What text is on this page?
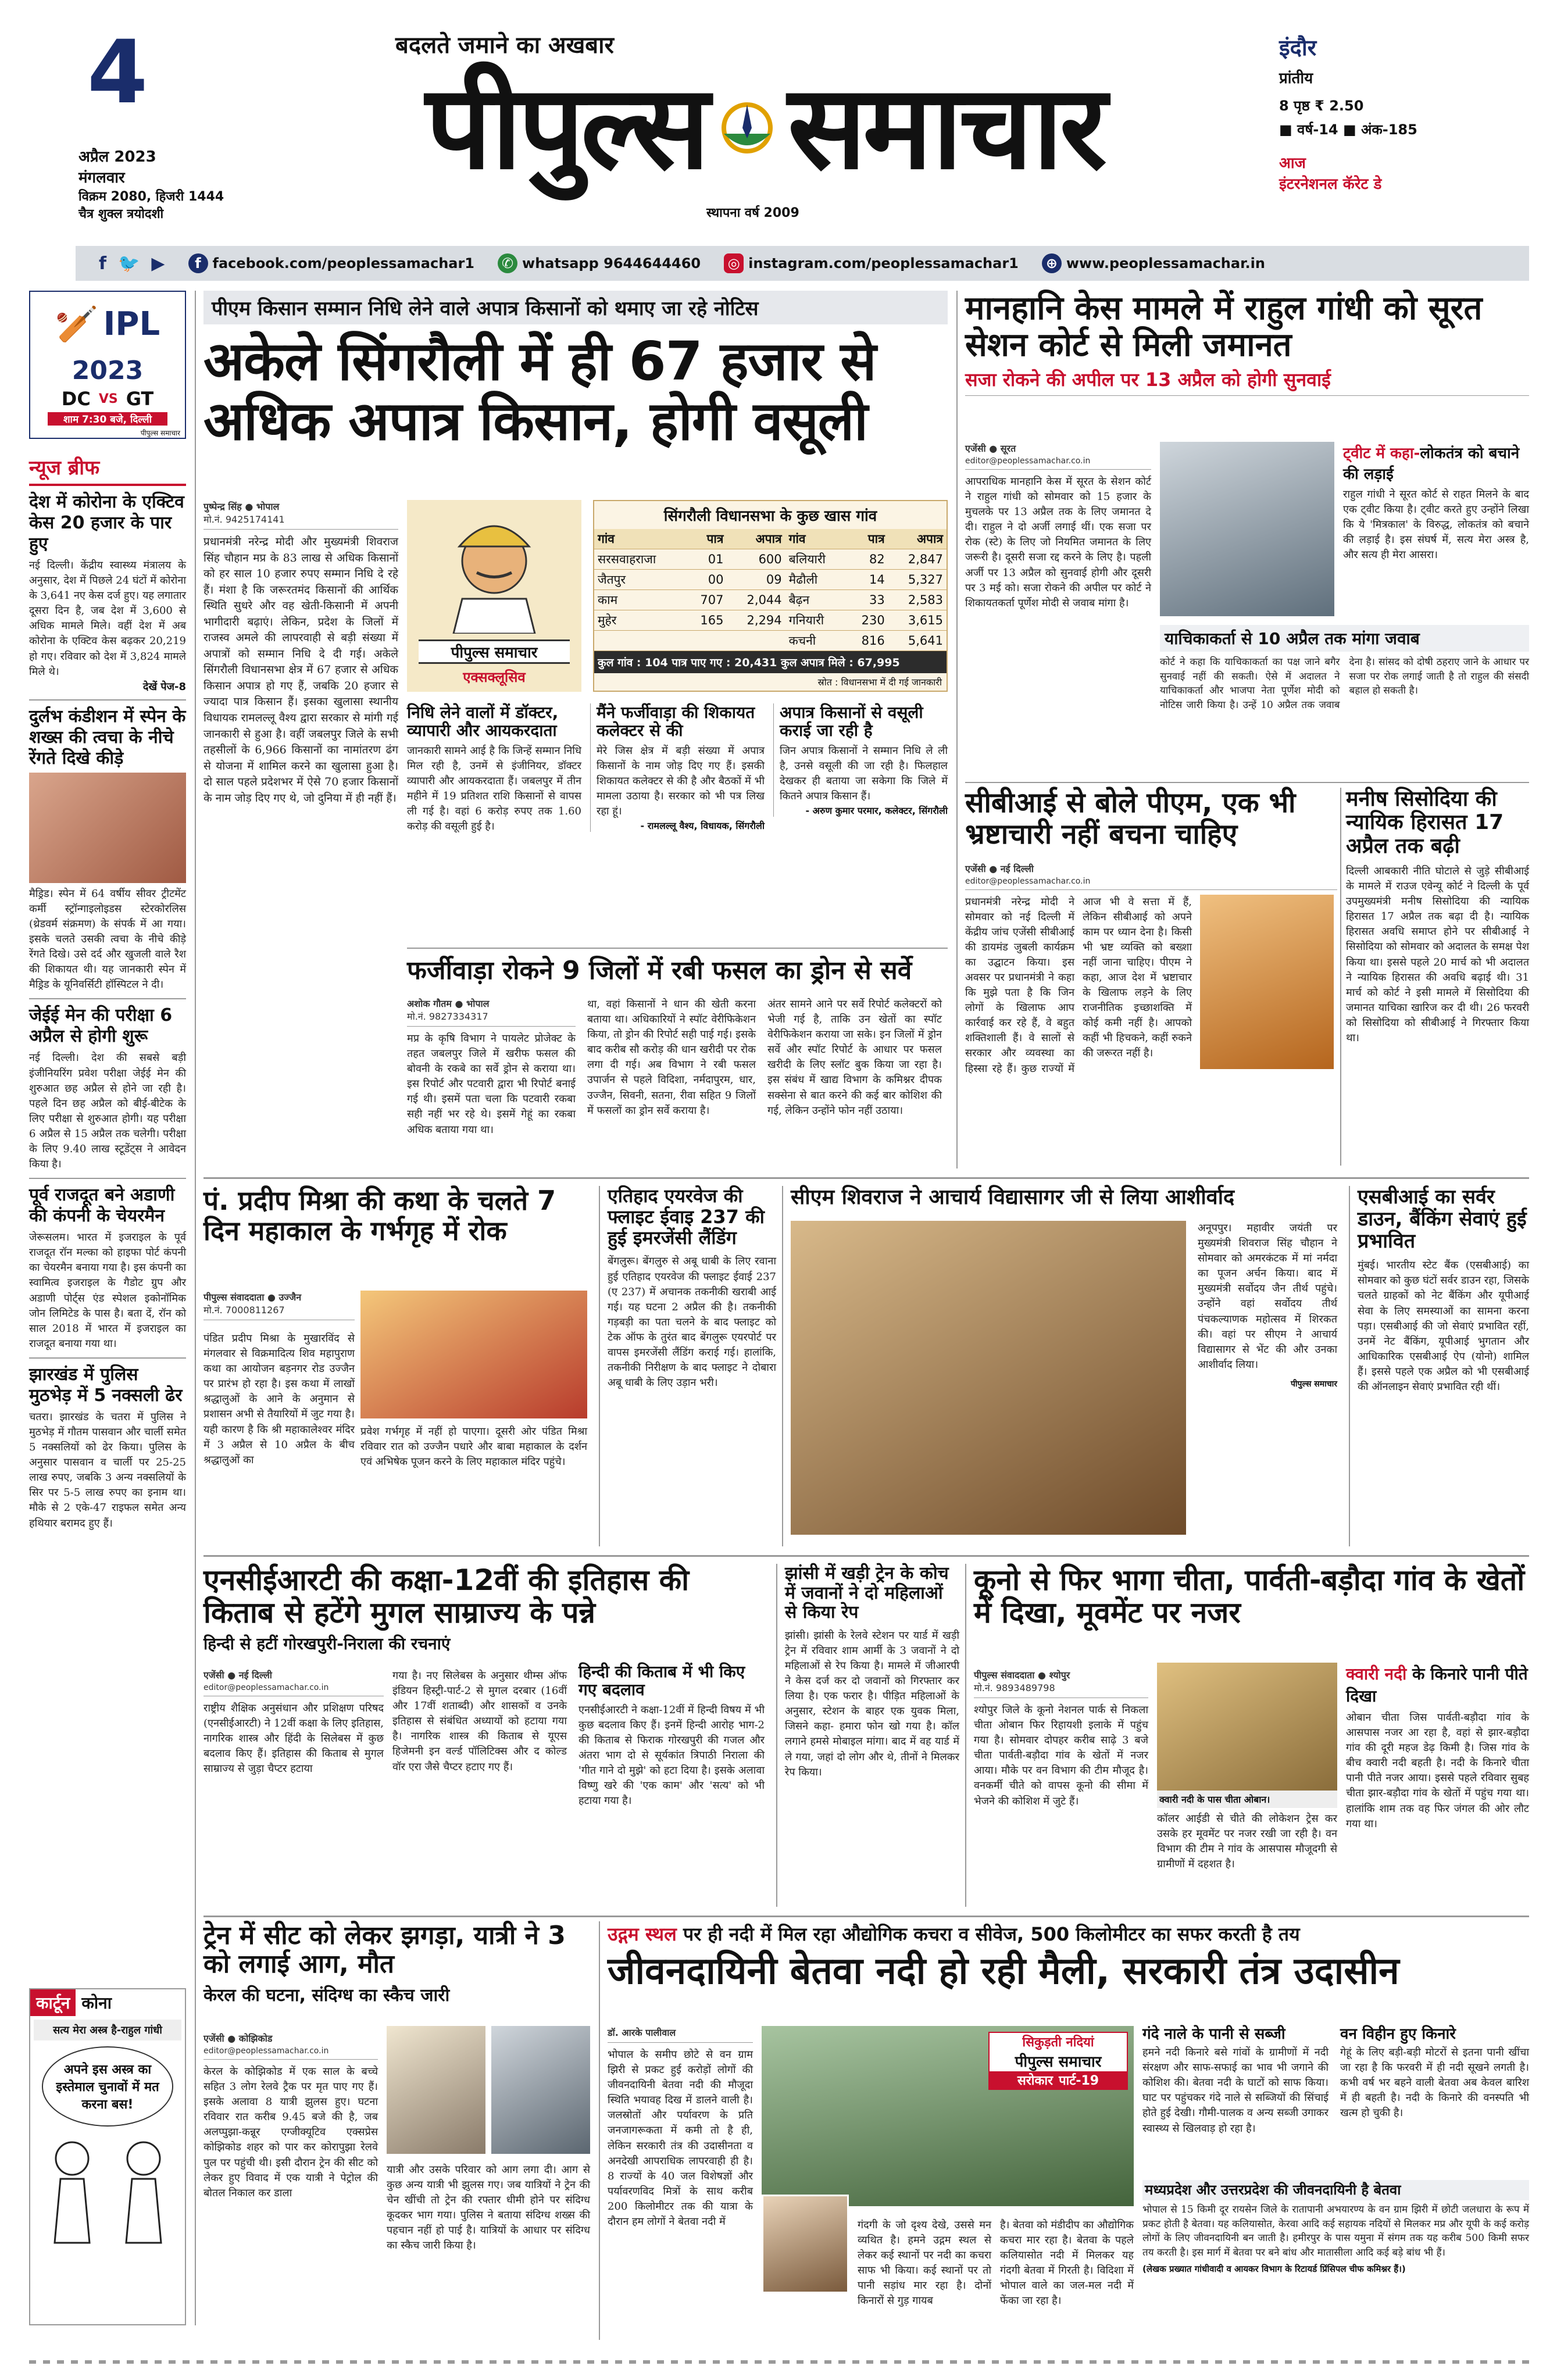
4
अप्रैल 2023
मंगलवार
विक्रम 2080, हिजरी 1444
चैत्र शुक्ल त्रयोदशी
बदलते जमाने का अखबार
पीपुल्स समाचार
स्थापना वर्ष 2009
इंदौर
प्रांतीय
8 पृष्ठ ₹ 2.50
■ वर्ष-14 ■ अंक-185
आज
इंटरनेशनल कॅरेट डे
f 🐦 ▶	f facebook.com/peoplessamachar1 ✆ whatsapp 9644644460 ◎ instagram.com/peoplessamachar1 ⊕ www.peoplessamachar.in
🏏 IPL
2023
DC VS GT
शाम 7:30 बजे, दिल्ली
पीपुल्स समाचार
न्यूज ब्रीफ
देश में कोरोना के एक्टिव केस 20 हजार के पार हुए

नई दिल्ली। केंद्रीय स्वास्थ्य मंत्रालय के अनुसार, देश में पिछले 24 घंटों में कोरोना के 3,641 नए केस दर्ज हुए। यह लगातार दूसरा दिन है, जब देश में 3,600 से अधिक मामले मिले। वहीं देश में अब कोरोना के एक्टिव केस बढ़कर 20,219 हो गए। रविवार को देश में 3,824 मामले मिले थे।

देखें पेज-8

दुर्लभ कंडीशन में स्पेन के शख्स की त्वचा के नीचे रेंगते दिखे कीड़े

मैड्रिड। स्पेन में 64 वर्षीय सीवर ट्रीटमेंट कर्मी स्ट्रॉन्गाइलोइडस स्टेरकोरलिस (थ्रेडवर्म संक्रमण) के संपर्क में आ गया। इसके चलते उसकी त्वचा के नीचे कीड़े रेंगते दिखे। उसे दर्द और खुजली वाले रैश की शिकायत थी। यह जानकारी स्पेन में मैड्रिड के यूनिवर्सिटी हॉस्पिटल ने दी।

जेईई मेन की परीक्षा 6 अप्रैल से होगी शुरू

नई दिल्ली। देश की सबसे बड़ी इंजीनियरिंग प्रवेश परीक्षा जेईई मेन की शुरुआत छह अप्रैल से होने जा रही है। पहले दिन छह अप्रैल को बीई-बीटेक के लिए परीक्षा से शुरुआत होगी। यह परीक्षा 6 अप्रैल से 15 अप्रैल तक चलेगी। परीक्षा के लिए 9.40 लाख स्टूडेंट्स ने आवेदन किया है।

पूर्व राजदूत बने अडाणी की कंपनी के चेयरमैन

जेरूसलम। भारत में इजराइल के पूर्व राजदूत रॉन मल्का को हाइफा पोर्ट कंपनी का चेयरमैन बनाया गया है। इस कंपनी का स्वामित्व इजराइल के गैडोट ग्रुप और अडाणी पोर्ट्स एंड स्पेशल इकोनॉमिक जोन लिमिटेड के पास है। बता दें, रॉन को साल 2018 में भारत में इजराइल का राजदूत बनाया गया था।

झारखंड में पुलिस मुठभेड़ में 5 नक्सली ढेर

चतरा। झारखंड के चतरा में पुलिस ने मुठभेड़ में गौतम पासवान और चार्ली समेत 5 नक्सलियों को ढेर किया। पुलिस के अनुसार पासवान व चार्ली पर 25-25 लाख रुपए, जबकि 3 अन्य नक्सलियों के सिर पर 5-5 लाख रुपए का इनाम था। मौके से 2 एके-47 राइफल समेत अन्य हथियार बरामद हुए हैं।

कार्टून कोना
सत्य मेरा अस्त्र है-राहुल गांधी
अपने इस अस्त्र का इस्तेमाल चुनावों में मत करना बस!
पीएम किसान सम्मान निधि लेने वाले अपात्र किसानों को थमाए जा रहे नोटिस
अकेले सिंगरौली में ही 67 हजार से अधिक अपात्र किसान, होगी वसूली
पुष्पेन्द्र सिंह ● भोपाल
मो.नं. 9425174141

प्रधानमंत्री नरेन्द्र मोदी और मुख्यमंत्री शिवराज सिंह चौहान मप्र के 83 लाख से अधिक किसानों को हर साल 10 हजार रुपए सम्मान निधि दे रहे हैं। मंशा है कि जरूरतमंद किसानों की आर्थिक स्थिति सुधरे और वह खेती-किसानी में अपनी भागीदारी बढ़ाएं। लेकिन, प्रदेश के जिलों में राजस्व अमले की लापरवाही से बड़ी संख्या में अपात्रों को सम्मान निधि दे दी गई। अकेले सिंगरौली विधानसभा क्षेत्र में 67 हजार से अधिक किसान अपात्र हो गए हैं, जबकि 20 हजार से ज्यादा पात्र किसान हैं। इसका खुलासा स्थानीय विधायक रामलल्लू वैश्य द्वारा सरकार से मांगी गई जानकारी से हुआ है। वहीं जबलपुर जिले के सभी तहसीलों के 6,966 किसानों का नामांतरण ढंग से योजना में शामिल करने का खुलासा हुआ है। दो साल पहले प्रदेशभर में ऐसे 70 हजार किसानों के नाम जोड़ दिए गए थे, जो दुनिया में ही नहीं हैं।

पीपुल्स समाचार
एक्सक्लूसिव
सिंगरौली विधानसभा के कुछ खास गांव
गांव	पात्र	अपात्र	गांव	पात्र	अपात्र
सरसवाहराजा	01	600	बलियारी	82	2,847
जैतपुर	00	09	मैढौली	14	5,327
काम	707	2,044	बैढ़न	33	2,583
मुहेर	165	2,294	गनियारी	230	3,615
			कचनी	816	5,641
कुल गांव : 104 पात्र पाए गए : 20,431 कुल अपात्र मिले : 67,995
स्रोत : विधानसभा में दी गई जानकारी
निधि लेने वालों में डॉक्टर, व्यापारी और आयकरदाता

जानकारी सामने आई है कि जिन्हें सम्मान निधि मिल रही है, उनमें से इंजीनियर, डॉक्टर व्यापारी और आयकरदाता हैं। जबलपुर में तीन महीने में 19 प्रतिशत राशि किसानों से वापस ली गई है। वहां 6 करोड़ रुपए तक 1.60 करोड़ की वसूली हुई है।

मैंने फर्जीवाड़ा की शिकायत कलेक्टर से की

मेरे जिस क्षेत्र में बड़ी संख्या में अपात्र किसानों के नाम जोड़ दिए गए हैं। इसकी शिकायत कलेक्टर से की है और बैठकों में भी मामला उठाया है। सरकार को भी पत्र लिख रहा हूं।

- रामलल्लू वैश्य, विधायक, सिंगरौली

अपात्र किसानों से वसूली कराई जा रही है

जिन अपात्र किसानों ने सम्मान निधि ले ली है, उनसे वसूली की जा रही है। फिलहाल देखकर ही बताया जा सकेगा कि जिले में कितने अपात्र किसान हैं।

- अरुण कुमार परमार, कलेक्टर, सिंगरौली

फर्जीवाड़ा रोकने 9 जिलों में रबी फसल का ड्रोन से सर्वे
अशोक गौतम ● भोपाल
मो.नं. 9827334317

मप्र के कृषि विभाग ने पायलेट प्रोजेक्ट के तहत जबलपुर जिले में खरीफ फसल की बोवनी के रकबे का सर्वे ड्रोन से कराया था। इस रिपोर्ट और पटवारी द्वारा भी रिपोर्ट बनाई गई थी। इसमें पता चला कि पटवारी रकबा सही नहीं भर रहे थे। इसमें गेहूं का रकबा अधिक बताया गया था।

था, वहां किसानों ने धान की खेती करना बताया था। अधिकारियों ने स्पॉट वेरीफिकेशन किया, तो ड्रोन की रिपोर्ट सही पाई गई। इसके बाद करीब सौ करोड़ की धान खरीदी पर रोक लगा दी गई। अब विभाग ने रबी फसल उपार्जन से पहले विदिशा, नर्मदापुरम, धार, उज्जैन, सिवनी, सतना, रीवा सहित 9 जिलों में फसलों का ड्रोन सर्वे कराया है।

अंतर सामने आने पर सर्वे रिपोर्ट कलेक्टरों को भेजी गई है, ताकि उन खेतों का स्पॉट वेरीफिकेशन कराया जा सके। इन जिलों में ड्रोन सर्वे और स्पॉट रिपोर्ट के आधार पर फसल खरीदी के लिए स्लॉट बुक किया जा रहा है। इस संबंध में खाद्य विभाग के कमिश्नर दीपक सक्सेना से बात करने की कई बार कोशिश की गई, लेकिन उन्होंने फोन नहीं उठाया।

मानहानि केस मामले में राहुल गांधी को सूरत सेशन कोर्ट से मिली जमानत
सजा रोकने की अपील पर 13 अप्रैल को होगी सुनवाई
एजेंसी ● सूरत
editor@peoplessamachar.co.in

आपराधिक मानहानि केस में सूरत के सेशन कोर्ट ने राहुल गांधी को सोमवार को 15 हजार के मुचलके पर 13 अप्रैल तक के लिए जमानत दे दी। राहुल ने दो अर्जी लगाई थीं। एक सजा पर रोक (स्टे) के लिए जो नियमित जमानत के लिए जरूरी है। दूसरी सजा रद्द करने के लिए है। पहली अर्जी पर 13 अप्रैल को सुनवाई होगी और दूसरी पर 3 मई को। सजा रोकने की अपील पर कोर्ट ने शिकायतकर्ता पूर्णेश मोदी से जवाब मांगा है।

ट्वीट में कहा-लोकतंत्र को बचाने की लड़ाई

राहुल गांधी ने सूरत कोर्ट से राहत मिलने के बाद एक ट्वीट किया है। ट्वीट करते हुए उन्होंने लिखा कि ये 'मित्रकाल' के विरुद्ध, लोकतंत्र को बचाने की लड़ाई है। इस संघर्ष में, सत्य मेरा अस्त्र है, और सत्य ही मेरा आसरा।

याचिकाकर्ता से 10 अप्रैल तक मांगा जवाब

कोर्ट ने कहा कि याचिकाकर्ता का पक्ष जाने बगैर सुनवाई नहीं की सकती। ऐसे में अदालत ने याचिकाकर्ता और भाजपा नेता पूर्णेश मोदी को नोटिस जारी किया है। उन्हें 10 अप्रैल तक जवाब देना है। सांसद को दोषी ठहराए जाने के आधार पर सजा पर रोक लगाई जाती है तो राहुल की संसदी बहाल हो सकती है।

सीबीआई से बोले पीएम, एक भी भ्रष्टाचारी नहीं बचना चाहिए
एजेंसी ● नई दिल्ली
editor@peoplessamachar.co.in

प्रधानमंत्री नरेन्द्र मोदी ने सोमवार को नई दिल्ली में केंद्रीय जांच एजेंसी सीबीआई की डायमंड जुबली कार्यक्रम का उद्घाटन किया। इस अवसर पर प्रधानमंत्री ने कहा कि मुझे पता है कि जिन लोगों के खिलाफ आप कार्रवाई कर रहे हैं, वे बहुत शक्तिशाली हैं। वे सालों से सरकार और व्यवस्था का हिस्सा रहे हैं। कुछ राज्यों में आज भी वे सत्ता में हैं, लेकिन सीबीआई को अपने काम पर ध्यान देना है। किसी भी भ्रष्ट व्यक्ति को बख्शा नहीं जाना चाहिए। पीएम ने कहा, आज देश में भ्रष्टाचार के खिलाफ लड़ने के लिए राजनीतिक इच्छाशक्ति में कोई कमी नहीं है। आपको कहीं भी हिचकने, कहीं रुकने की जरूरत नहीं है।

मनीष सिसोदिया की न्यायिक हिरासत 17 अप्रैल तक बढ़ी

दिल्ली आबकारी नीति घोटाले से जुड़े सीबीआई के मामले में राउज एवेन्यू कोर्ट ने दिल्ली के पूर्व उपमुख्यमंत्री मनीष सिसोदिया की न्यायिक हिरासत 17 अप्रैल तक बढ़ा दी है। न्यायिक हिरासत अवधि समाप्त होने पर सीबीआई ने सिसोदिया को सोमवार को अदालत के समक्ष पेश किया था। इससे पहले 20 मार्च को भी अदालत ने न्यायिक हिरासत की अवधि बढ़ाई थी। 31 मार्च को कोर्ट ने इसी मामले में सिसोदिया की जमानत याचिका खारिज कर दी थी। 26 फरवरी को सिसोदिया को सीबीआई ने गिरफ्तार किया था।

पं. प्रदीप मिश्रा की कथा के चलते 7 दिन महाकाल के गर्भगृह में रोक
पीपुल्स संवाददाता ● उज्जैन
मो.नं. 7000811267

पंडित प्रदीप मिश्रा के मुखारविंद से मंगलवार से विक्रमादित्य शिव महापुराण कथा का आयोजन बड़नगर रोड उज्जैन पर प्रारंभ हो रहा है। इस कथा में लाखों श्रद्धालुओं के आने के अनुमान से प्रशासन अभी से तैयारियों में जुट गया है। यही कारण है कि श्री महाकालेश्वर मंदिर में 3 अप्रैल से 10 अप्रैल के बीच श्रद्धालुओं का

प्रवेश गर्भगृह में नहीं हो पाएगा। दूसरी ओर पंडित मिश्रा रविवार रात को उज्जैन पधारे और बाबा महाकाल के दर्शन एवं अभिषेक पूजन करने के लिए महाकाल मंदिर पहुंचे।

एतिहाद एयरवेज की फ्लाइट ईवाइ 237 की हुई इमरजेंसी लैंडिंग

बेंगलुरू। बेंगलुरु से अबू धाबी के लिए रवाना हुई एतिहाद एयरवेज की फ्लाइट ईवाई 237 (ए 237) में अचानक तकनीकी खराबी आई गई। यह घटना 2 अप्रैल की है। तकनीकी गड़बड़ी का पता चलने के बाद फ्लाइट को टेक ऑफ के तुरंत बाद बेंगलुरू एयरपोर्ट पर वापस इमरजेंसी लैंडिंग कराई गई। हालांकि, तकनीकी निरीक्षण के बाद फ्लाइट ने दोबारा अबू धाबी के लिए उड़ान भरी।

सीएम शिवराज ने आचार्य विद्यासागर जी से लिया आशीर्वाद

अनूपपुर। महावीर जयंती पर मुख्यमंत्री शिवराज सिंह चौहान ने सोमवार को अमरकंटक में मां नर्मदा का पूजन अर्चन किया। बाद में मुख्यमंत्री सर्वोदय जैन तीर्थ पहुंचे। उन्होंने वहां सर्वोदय तीर्थ पंचकल्याणक महोत्सव में शिरकत की। वहां पर सीएम ने आचार्य विद्यासागर से भेंट की और उनका आशीर्वाद लिया।

पीपुल्स समाचार

एसबीआई का सर्वर डाउन, बैंकिंग सेवाएं हुई प्रभावित

मुंबई। भारतीय स्टेट बैंक (एसबीआई) का सोमवार को कुछ घंटों सर्वर डाउन रहा, जिसके चलते ग्राहकों को नेट बैंकिंग और यूपीआई सेवा के लिए समस्याओं का सामना करना पड़ा। एसबीआई की जो सेवाएं प्रभावित रहीं, उनमें नेट बैंकिंग, यूपीआई भुगतान और आधिकारिक एसबीआई ऐप (योनो) शामिल हैं। इससे पहले एक अप्रैल को भी एसबीआई की ऑनलाइन सेवाएं प्रभावित रही थीं।

एनसीईआरटी की कक्षा-12वीं की इतिहास की किताब से हटेंगे मुगल साम्राज्य के पन्ने
हिन्दी से हटीं गोरखपुरी-निराला की रचनाएं
एजेंसी ● नई दिल्ली
editor@peoplessamachar.co.in

राष्ट्रीय शैक्षिक अनुसंधान और प्रशिक्षण परिषद (एनसीईआरटी) ने 12वीं कक्षा के लिए इतिहास, नागरिक शास्त्र और हिंदी के सिलेबस में कुछ बदलाव किए हैं। इतिहास की किताब से मुगल साम्राज्य से जुड़ा चैप्टर हटाया

गया है। नए सिलेबस के अनुसार थीम्स ऑफ इंडियन हिस्ट्री-पार्ट-2 से मुगल दरबार (16वीं और 17वीं शताब्दी) और शासकों व उनके इतिहास से संबंधित अध्यायों को हटाया गया है। नागरिक शास्त्र की किताब से यूएस हिजेमनी इन वर्ल्ड पॉलिटिक्स और द कोल्ड वॉर एरा जैसे चैप्टर हटाए गए हैं।

हिन्दी की किताब में भी किए गए बदलाव

एनसीईआरटी ने कक्षा-12वीं में हिन्दी विषय में भी कुछ बदलाव किए हैं। इनमें हिन्दी आरोह भाग-2 की किताब से फिराक गोरखपुरी की गजल और अंतरा भाग दो से सूर्यकांत त्रिपाठी निराला की 'गीत गाने दो मुझे' को हटा दिया है। इसके अलावा विष्णु खरे की 'एक काम' और 'सत्य' को भी हटाया गया है।

झांसी में खड़ी ट्रेन के कोच में जवानों ने दो महिलाओं से किया रेप

झांसी। झांसी के रेलवे स्टेशन पर यार्ड में खड़ी ट्रेन में रविवार शाम आर्मी के 3 जवानों ने दो महिलाओं से रेप किया है। मामले में जीआरपी ने केस दर्ज कर दो जवानों को गिरफ्तार कर लिया है। एक फरार है। पीड़ित महिलाओं के अनुसार, स्टेशन के बाहर एक युवक मिला, जिसने कहा- हमारा फोन खो गया है। कॉल लगाने हमसे मोबाइल मांगा। बाद में वह यार्ड में ले गया, जहां दो लोग और थे, तीनों ने मिलकर रेप किया।

कूनो से फिर भागा चीता, पार्वती-बड़ौदा गांव के खेतों में दिखा, मूवमेंट पर नजर
पीपुल्स संवाददाता ● श्योपुर
मो.नं. 9893489798

श्योपुर जिले के कूनो नेशनल पार्क से निकला चीता ओबान फिर रिहायशी इलाके में पहुंच गया है। सोमवार दोपहर करीब साढ़े 3 बजे चीता पार्वती-बड़ौदा गांव के खेतों में नजर आया। मौके पर वन विभाग की टीम मौजूद है। वनकर्मी चीते को वापस कूनो की सीमा में भेजने की कोशिश में जुटे हैं।	क्वारी नदी के पास चीता ओबान।

कॉलर आईडी से चीते की लोकेशन ट्रेस कर उसके हर मूवमेंट पर नजर रखी जा रही है। वन विभाग की टीम ने गांव के आसपास मौजूदगी से ग्रामीणों में दहशत है।

क्वारी नदी के किनारे पानी पीते दिखा

ओबान चीता जिस पार्वती-बड़ौदा गांव के आसपास नजर आ रहा है, वहां से झार-बड़ौदा गांव की दूरी महज डेढ़ किमी है। जिस गांव के बीच क्वारी नदी बहती है। नदी के किनारे चीता पानी पीते नजर आया। इससे पहले रविवार सुबह चीता झार-बड़ौदा गांव के खेतों में पहुंच गया था। हालांकि शाम तक वह फिर जंगल की ओर लौट गया था।

ट्रेन में सीट को लेकर झगड़ा, यात्री ने 3 को लगाई आग, मौत
केरल की घटना, संदिग्ध का स्कैच जारी
एजेंसी ● कोझिकोड
editor@peoplessamachar.co.in

केरल के कोझिकोड में एक साल के बच्चे सहित 3 लोग रेलवे ट्रैक पर मृत पाए गए हैं। इसके अलावा 8 यात्री झुलस हुए। घटना रविवार रात करीब 9.45 बजे की है, जब अलप्पुझा-कन्नूर एग्जीक्यूटिव एक्सप्रेस कोझिकोड शहर को पार कर कोरापुझा रेलवे पुल पर पहुंची थी। इसी दौरान ट्रेन की सीट को लेकर हुए विवाद में एक यात्री ने पेट्रोल की बोतल निकाल कर डाला

यात्री और उसके परिवार को आग लगा दी। आग से कुछ अन्य यात्री भी झुलस गए। जब यात्रियों ने ट्रेन की चेन खींची तो ट्रेन की रफ्तार धीमी होने पर संदिग्ध कूदकर भाग गया। पुलिस ने बताया संदिग्ध शख्स की पहचान नहीं हो पाई है। यात्रियों के आधार पर संदिग्ध का स्कैच जारी किया है।

उद्गम स्थल पर ही नदी में मिल रहा औद्योगिक कचरा व सीवेज, 500 किलोमीटर का सफर करती है तय
जीवनदायिनी बेतवा नदी हो रही मैली, सरकारी तंत्र उदासीन
डॉ. आरके पालीवाल

भोपाल के समीप छोटे से वन ग्राम झिरी से प्रकट हुई करोड़ों लोगों की जीवनदायिनी बेतवा नदी की मौजूदा स्थिति भयावह दिख में डालने वाली है। जलस्रोतों और पर्यावरण के प्रति जनजागरूकता में कमी तो है ही, लेकिन सरकारी तंत्र की उदासीनता व अनदेखी आपराधिक लापरवाही ही है। 8 राज्यों के 40 जल विशेषज्ञों और पर्यावरणविद मित्रों के साथ करीब 200 किलोमीटर तक की यात्रा के दौरान हम लोगों ने बेतवा नदी में

सिकुड़ती नदियां
पीपुल्स समाचार
सरोकार पार्ट-19

गंदगी के जो दृश्य देखे, उससे मन व्यथित है। हमने उद्गम स्थल से लेकर कई स्थानों पर नदी का कचरा साफ भी किया। कई स्थानों पर तो पानी सड़ांध मार रहा है। दोनों किनारों से गुड़ गायब

है। बेतवा को मंडीदीप का औद्योगिक कचरा मार रहा है। बेतवा के पहले कलियासोत नदी में मिलकर यह गंदगी बेतवा में गिरती है। विदिशा में भोपाल वाले का जल-मल नदी में फेंका जा रहा है।

गंदे नाले के पानी से सब्जी

हमने नदी किनारे बसे गांवों के ग्रामीणों में नदी संरक्षण और साफ-सफाई का भाव भी जगाने की कोशिश की। बेतवा नदी के घाटों को साफ किया। घाट पर पहुंचकर गंदे नाले से सब्जियों की सिंचाई होते हुई देखी। गौमी-पालक व अन्य सब्जी उगाकर स्वास्थ्य से खिलवाड़ हो रहा है।

वन विहीन हुए किनारे

गेहूं के लिए बड़ी-बड़ी मोटरों से इतना पानी खींचा जा रहा है कि फरवरी में ही नदी सूखने लगती है। कभी वर्ष भर बहने वाली बेतवा अब केवल बारिश में ही बहती है। नदी के किनारे की वनस्पति भी खत्म हो चुकी है।

मध्यप्रदेश और उत्तरप्रदेश की जीवनदायिनी है बेतवा

भोपाल से 15 किमी दूर रायसेन जिले के रातापानी अभयारण्य के वन ग्राम झिरी में छोटी जलधारा के रूप में प्रकट होती है बेतवा। यह कलियासोत, केरवा आदि कई सहायक नदियों से मिलकर मप्र और यूपी के कई करोड़ लोगों के लिए जीवनदायिनी बन जाती है। हमीरपुर के पास यमुना में संगम तक यह करीब 500 किमी सफर तय करती है। इस मार्ग में बेतवा पर बने बांध और मातासीला आदि कई बड़े बांध भी हैं।

(लेखक प्रख्यात गांधीवादी व आयकर विभाग के रिटायर्ड प्रिंसिपल चीफ कमिश्नर हैं।)
